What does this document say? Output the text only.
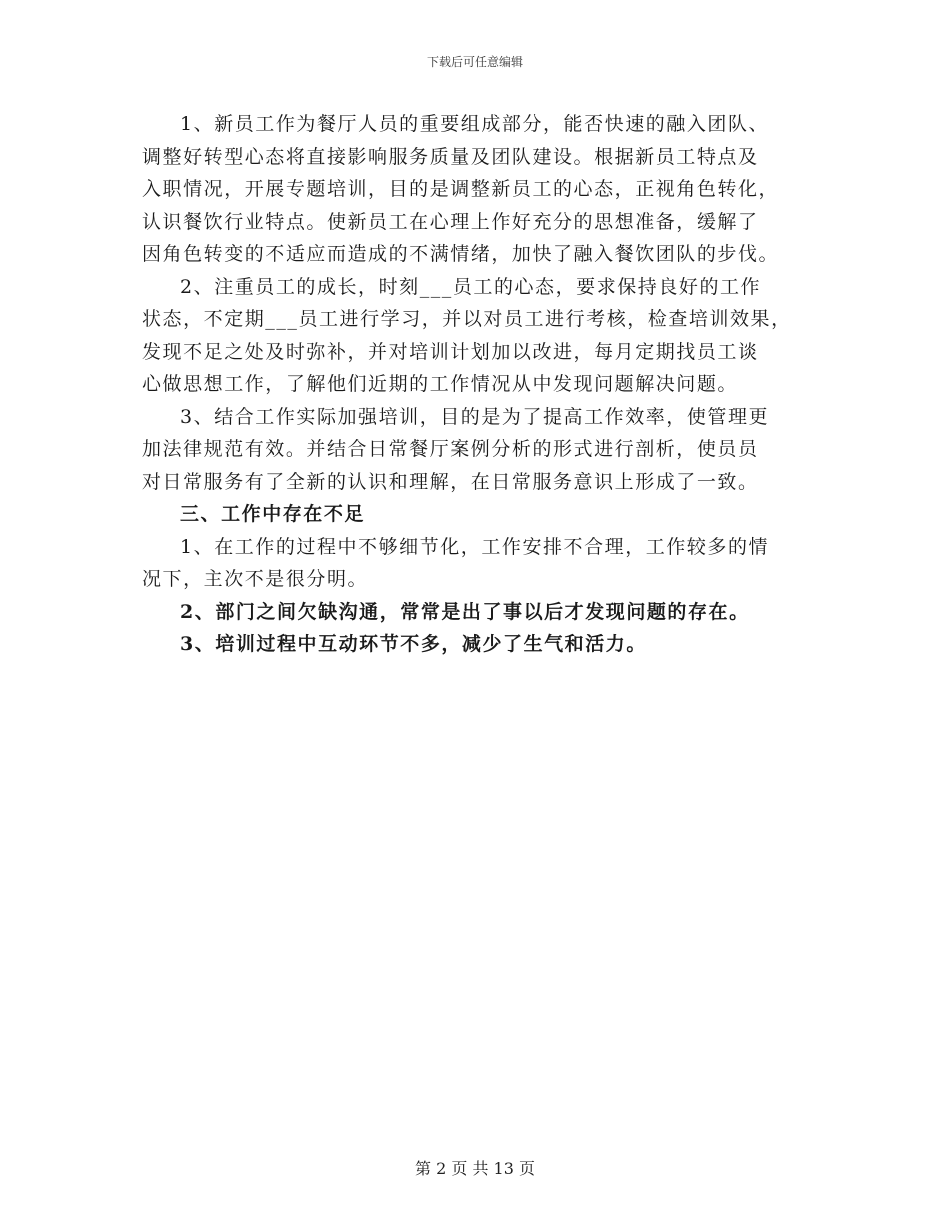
下载后可任意编辑
1、新员工作为餐厅人员的重要组成部分，能否快速的融入团队、
调整好转型心态将直接影响服务质量及团队建设。根据新员工特点及
入职情况，开展专题培训，目的是调整新员工的心态，正视角色转化，
认识餐饮行业特点。使新员工在心理上作好充分的思想准备，缓解了
因角色转变的不适应而造成的不满情绪，加快了融入餐饮团队的步伐。
2、注重员工的成长，时刻___员工的心态，要求保持良好的工作
状态，不定期___员工进行学习，并以对员工进行考核，检查培训效果，
发现不足之处及时弥补，并对培训计划加以改进，每月定期找员工谈
心做思想工作，了解他们近期的工作情况从中发现问题解决问题。
3、结合工作实际加强培训，目的是为了提高工作效率，使管理更
加法律规范有效。并结合日常餐厅案例分析的形式进行剖析，使员员
对日常服务有了全新的认识和理解，在日常服务意识上形成了一致。
三、工作中存在不足
1、在工作的过程中不够细节化，工作安排不合理，工作较多的情
况下，主次不是很分明。
2、部门之间欠缺沟通，常常是出了事以后才发现问题的存在。
3、培训过程中互动环节不多，减少了生气和活力。
第 2 页 共 13 页
